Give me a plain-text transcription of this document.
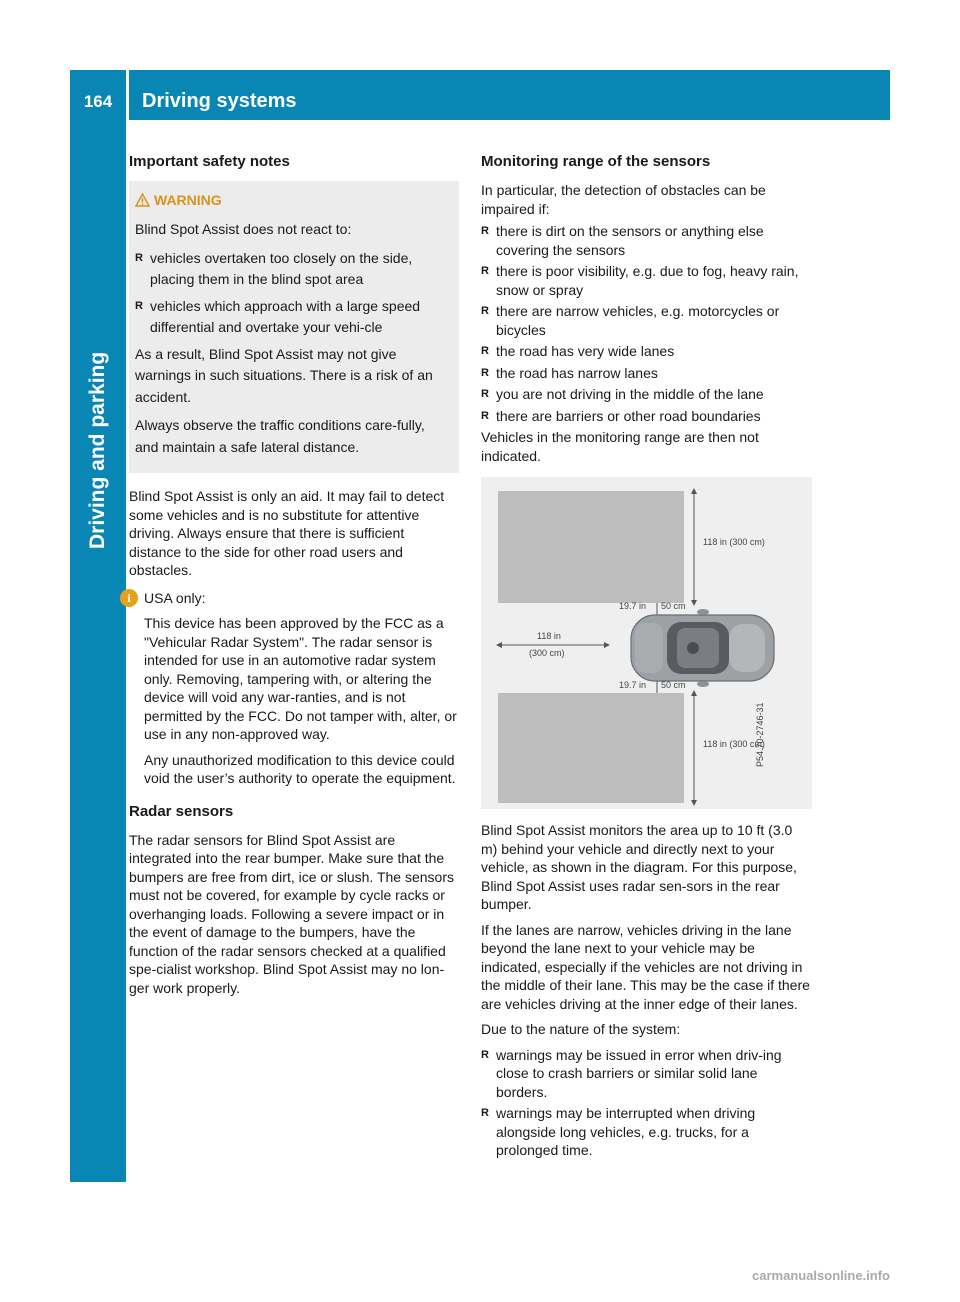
164	Driving systems
Driving and parking
Important safety notes
WARNING
Blind Spot Assist does not react to:
R vehicles overtaken too closely on the side, placing them in the blind spot area
R vehicles which approach with a large speed differential and overtake your vehi-cle
As a result, Blind Spot Assist may not give warnings in such situations. There is a risk of an accident.
Always observe the traffic conditions care-fully, and maintain a safe lateral distance.
Blind Spot Assist is only an aid. It may fail to detect some vehicles and is no substitute for attentive driving. Always ensure that there is sufficient distance to the side for other road users and obstacles.
i USA only:
This device has been approved by the FCC as a "Vehicular Radar System". The radar sensor is intended for use in an automotive radar system only. Removing, tampering with, or altering the device will void any war-ranties, and is not permitted by the FCC. Do not tamper with, alter, or use in any non-approved way.
Any unauthorized modification to this device could void the user’s authority to operate the equipment.
Radar sensors
The radar sensors for Blind Spot Assist are integrated into the rear bumper. Make sure that the bumpers are free from dirt, ice or slush. The sensors must not be covered, for example by cycle racks or overhanging loads. Following a severe impact or in the event of damage to the bumpers, have the function of the radar sensors checked at a qualified spe-cialist workshop. Blind Spot Assist may no lon-ger work properly.
Monitoring range of the sensors
In particular, the detection of obstacles can be impaired if:
R there is dirt on the sensors or anything else covering the sensors
R there is poor visibility, e.g. due to fog, heavy rain, snow or spray
R there are narrow vehicles, e.g. motorcycles or bicycles
R the road has very wide lanes
R the road has narrow lanes
R you are not driving in the middle of the lane
R there are barriers or other road boundaries
Vehicles in the monitoring range are then not indicated.
118 in (300 cm)
118 in (300 cm)
19.7 in 50 cm
19.7 in 50 cm
118 in
(300 cm)
P54.70-2746-31
Blind Spot Assist monitors the area up to 10 ft (3.0 m) behind your vehicle and directly next to your vehicle, as shown in the diagram. For this purpose, Blind Spot Assist uses radar sen-sors in the rear bumper.
If the lanes are narrow, vehicles driving in the lane beyond the lane next to your vehicle may be indicated, especially if the vehicles are not driving in the middle of their lane. This may be the case if there are vehicles driving at the inner edge of their lanes.
Due to the nature of the system:
R warnings may be issued in error when driv-ing close to crash barriers or similar solid lane borders.
R warnings may be interrupted when driving alongside long vehicles, e.g. trucks, for a prolonged time.
carmanualsonline.info
